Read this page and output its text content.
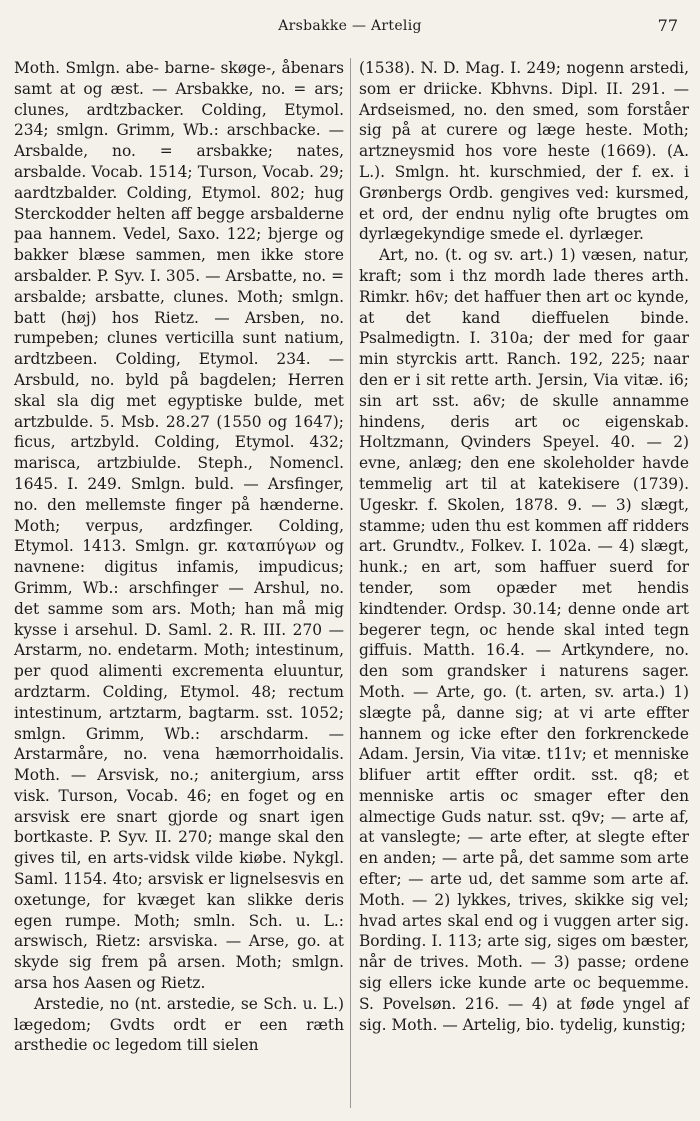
Arsbakke — Artelig	77

Moth. Smlgn. abe- barne- skøge-, åbenars samt at og æst. — Arsbakke, no. = ars; clunes, ardtzbacker. Colding, Etymol. 234; smlgn. Grimm, Wb.: arschbacke. — Arsbalde, no. = arsbakke; nates, arsbalde. Vocab. 1514; Turson, Vocab. 29; aardtzbalder. Colding, Etymol. 802; hug Sterckodder helten aff begge arsbalderne paa hannem. Vedel, Saxo. 122; bjerge og bakker blæse sammen, men ikke store arsbalder. P. Syv. I. 305. — Arsbatte, no. = arsbalde; arsbatte, clunes. Moth; smlgn. batt (høj) hos Rietz. — Arsben, no. rumpeben; clunes verticilla sunt natium, ardtzbeen. Colding, Etymol. 234. — Arsbuld, no. byld på bagdelen; Herren skal sla dig met egyptiske bulde, met artzbulde. 5. Msb. 28.27 (1550 og 1647); ficus, artzbyld. Colding, Etymol. 432; marisca, artzbiulde. Steph., Nomencl. 1645. I. 249. Smlgn. buld. — Arsfinger, no. den mellemste finger på hænderne. Moth; verpus, ardzfinger. Colding, Etymol. 1413. Smlgn. gr. καταπύγων og navnene: digitus infamis, impudicus; Grimm, Wb.: arschfinger — Arshul, no. det samme som ars. Moth; han må mig kysse i arsehul. D. Saml. 2. R. III. 270 — Arstarm, no. endetarm. Moth; intestinum, per quod alimenti excrementa eluuntur, ardztarm. Colding, Etymol. 48; rectum intestinum, artztarm, bagtarm. sst. 1052; smlgn. Grimm, Wb.: arschdarm. — Arstarmåre, no. vena hæmorrhoidalis. Moth. — Arsvisk, no.; anitergium, arss visk. Turson, Vocab. 46; en foget og en arsvisk ere snart gjorde og snart igen bortkaste. P. Syv. II. 270; mange skal den gives til, en arts-vidsk vilde kiøbe. Nykgl. Saml. 1154. 4to; arsvisk er lignelsesvis en oxetunge, for kvæget kan slikke deris egen rumpe. Moth; smln. Sch. u. L.: arswisch, Rietz: arsviska. — Arse, go. at skyde sig frem på arsen. Moth; smlgn. arsa hos Aasen og Rietz.

Arstedie, no (nt. arstedie, se Sch. u. L.) lægedom; Gvdts ordt er een ræth arsthedie oc legedom till sielen

(1538). N. D. Mag. I. 249; nogenn arstedi, som er driicke. Kbhvns. Dipl. II. 291. — Ardseismed, no. den smed, som forståer sig på at curere og læge heste. Moth; artzneysmid hos vore heste (1669). (A. L.). Smlgn. ht. kurschmied, der f. ex. i Grønbergs Ordb. gengives ved: kursmed, et ord, der endnu nylig ofte brugtes om dyrlægekyndige smede el. dyrlæger.

Art, no. (t. og sv. art.) 1) væsen, natur, kraft; som i thz mordh lade theres arth. Rimkr. h6v; det haffuer then art oc kynde, at det kand dieffuelen binde. Psalmedigtn. I. 310a; der med for gaar min styrckis artt. Ranch. 192, 225; naar den er i sit rette arth. Jersin, Via vitæ. i6; sin art sst. a6v; de skulle annamme hindens, deris art oc eigenskab. Holtzmann, Qvinders Speyel. 40. — 2) evne, anlæg; den ene skoleholder havde temmelig art til at katekisere (1739). Ugeskr. f. Skolen, 1878. 9. — 3) slægt, stamme; uden thu est kommen aff ridders art. Grundtv., Folkev. I. 102a. — 4) slægt, hunk.; en art, som haffuer suerd for tender, som opæder met hendis kindtender. Ordsp. 30.14; denne onde art begerer tegn, oc hende skal inted tegn giffuis. Matth. 16.4. — Artkyndere, no. den som grandsker i naturens sager. Moth. — Arte, go. (t. arten, sv. arta.) 1) slægte på, danne sig; at vi arte effter hannem og icke efter den forkrenckede Adam. Jersin, Via vitæ. t11v; et menniske blifuer artit effter ordit. sst. q8; et menniske artis oc smager efter den almectige Guds natur. sst. q9v; — arte af, at vanslegte; — arte efter, at slegte efter en anden; — arte på, det samme som arte efter; — arte ud, det samme som arte af. Moth. — 2) lykkes, trives, skikke sig vel; hvad artes skal end og i vuggen arter sig. Bording. I. 113; arte sig, siges om bæster, når de trives. Moth. — 3) passe; ordene sig ellers icke kunde arte oc bequemme. S. Povelsøn. 216. — 4) at føde yngel af sig. Moth. — Artelig, bio. tydelig, kunstig;
